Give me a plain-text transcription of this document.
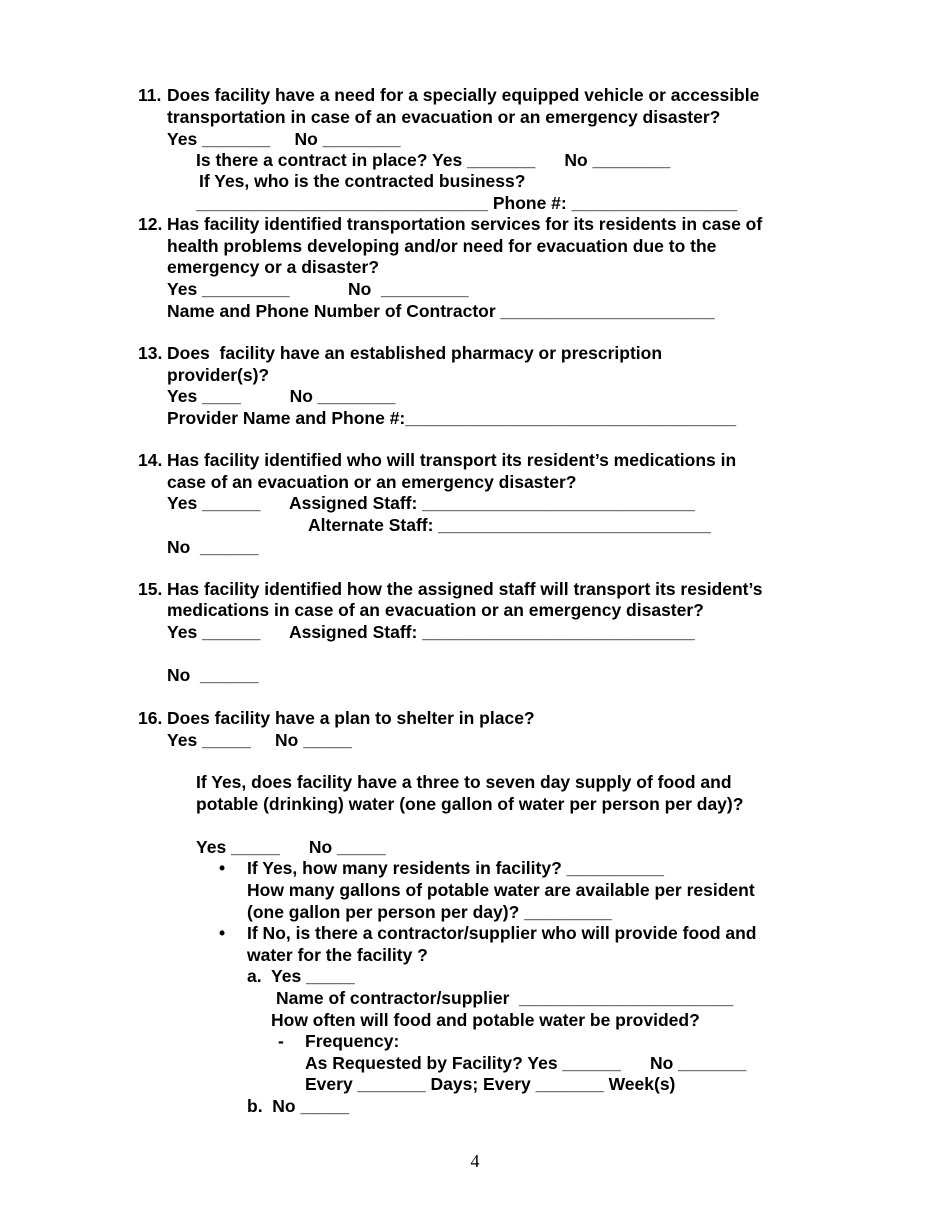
11. Does facility have a need for a specially equipped vehicle or accessible
transportation in case of an evacuation or an emergency disaster?
Yes _______     No ________
Is there a contract in place? Yes _______      No ________
If Yes, who is the contracted business?
______________________________ Phone #: _________________
12. Has facility identified transportation services for its residents in case of
health problems developing and/or need for evacuation due to the
emergency or a disaster?
Yes _________            No  _________
Name and Phone Number of Contractor ______________________
13. Does  facility have an established pharmacy or prescription
provider(s)?
Yes ____          No ________
Provider Name and Phone #:__________________________________
14. Has facility identified who will transport its resident’s medications in
case of an evacuation or an emergency disaster?
Yes ______      Assigned Staff: ____________________________
Alternate Staff: ____________________________
No  ______
15. Has facility identified how the assigned staff will transport its resident’s
medications in case of an evacuation or an emergency disaster?
Yes ______      Assigned Staff: ____________________________
No  ______
16. Does facility have a plan to shelter in place?
Yes _____     No _____
If Yes, does facility have a three to seven day supply of food and
potable (drinking) water (one gallon of water per person per day)?
Yes _____      No _____
• If Yes, how many residents in facility? __________
How many gallons of potable water are available per resident
(one gallon per person per day)? _________
• If No, is there a contractor/supplier who will provide food and
water for the facility ?
a.  Yes _____
Name of contractor/supplier  ______________________
How often will food and potable water be provided?
- Frequency:
As Requested by Facility? Yes ______      No _______
Every _______ Days; Every _______ Week(s)
b.  No _____
4
